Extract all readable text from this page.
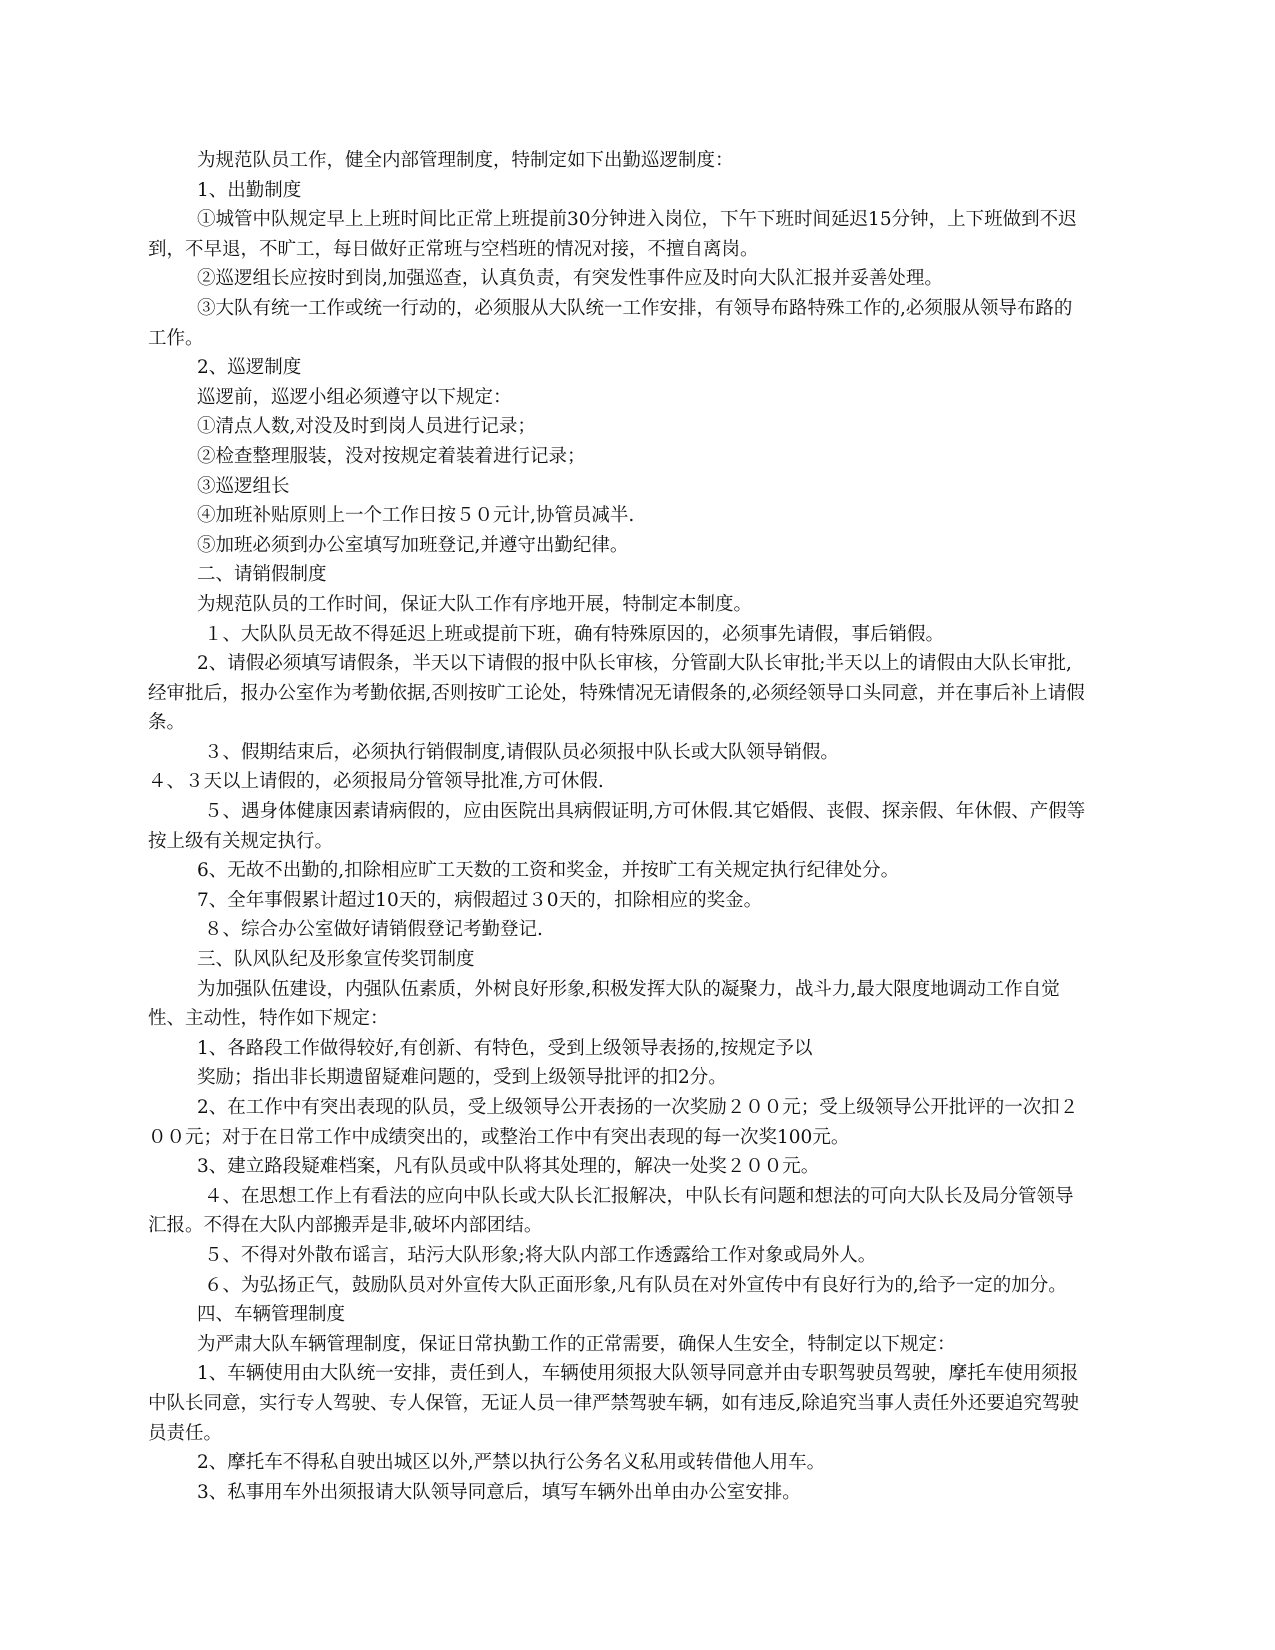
为规范队员工作，健全内部管理制度，特制定如下出勤巡逻制度：

1、出勤制度

①城管中队规定早上上班时间比正常上班提前30分钟进入岗位，下午下班时间延迟15分钟，上下班做到不迟到，不早退，不旷工，每日做好正常班与空档班的情况对接，不擅自离岗。

②巡逻组长应按时到岗,加强巡查，认真负责，有突发性事件应及时向大队汇报并妥善处理。

③大队有统一工作或统一行动的，必须服从大队统一工作安排，有领导布路特殊工作的,必须服从领导布路的工作。

2、巡逻制度

巡逻前，巡逻小组必须遵守以下规定：

①清点人数,对没及时到岗人员进行记录；

②检查整理服装，没对按规定着装着进行记录；

③巡逻组长

④加班补贴原则上一个工作日按５０元计,协管员减半.

⑤加班必须到办公室填写加班登记,并遵守出勤纪律。

二、请销假制度

为规范队员的工作时间，保证大队工作有序地开展，特制定本制度。

１、大队队员无故不得延迟上班或提前下班，确有特殊原因的，必须事先请假，事后销假。

2、请假必须填写请假条，半天以下请假的报中队长审核，分管副大队长审批;半天以上的请假由大队长审批,经审批后，报办公室作为考勤依据,否则按旷工论处，特殊情况无请假条的,必须经领导口头同意，并在事后补上请假条。

３、假期结束后，必须执行销假制度,请假队员必须报中队长或大队领导销假。

４、３天以上请假的，必须报局分管领导批准,方可休假.

５、遇身体健康因素请病假的，应由医院出具病假证明,方可休假.其它婚假、丧假、探亲假、年休假、产假等按上级有关规定执行。

6、无故不出勤的,扣除相应旷工天数的工资和奖金，并按旷工有关规定执行纪律处分。

7、全年事假累计超过10天的，病假超过３0天的，扣除相应的奖金。

８、综合办公室做好请销假登记考勤登记.

三、队风队纪及形象宣传奖罚制度

为加强队伍建设，内强队伍素质，外树良好形象,积极发挥大队的凝聚力，战斗力,最大限度地调动工作自觉性、主动性，特作如下规定：

1、各路段工作做得较好,有创新、有特色，受到上级领导表扬的,按规定予以

奖励；指出非长期遗留疑难问题的，受到上级领导批评的扣2分。

2、在工作中有突出表现的队员，受上级领导公开表扬的一次奖励２００元；受上级领导公开批评的一次扣２００元；对于在日常工作中成绩突出的，或整治工作中有突出表现的每一次奖100元。

3、建立路段疑难档案，凡有队员或中队将其处理的，解决一处奖２００元。

４、在思想工作上有看法的应向中队长或大队长汇报解决，中队长有问题和想法的可向大队长及局分管领导汇报。不得在大队内部搬弄是非,破坏内部团结。

５、不得对外散布谣言，玷污大队形象;将大队内部工作透露给工作对象或局外人。

６、为弘扬正气，鼓励队员对外宣传大队正面形象,凡有队员在对外宣传中有良好行为的,给予一定的加分。

四、车辆管理制度

为严肃大队车辆管理制度，保证日常执勤工作的正常需要，确保人生安全，特制定以下规定：

1、车辆使用由大队统一安排，责任到人，车辆使用须报大队领导同意并由专职驾驶员驾驶，摩托车使用须报中队长同意，实行专人驾驶、专人保管，无证人员一律严禁驾驶车辆，如有违反,除追究当事人责任外还要追究驾驶员责任。

2、摩托车不得私自驶出城区以外,严禁以执行公务名义私用或转借他人用车。

3、私事用车外出须报请大队领导同意后，填写车辆外出单由办公室安排。
